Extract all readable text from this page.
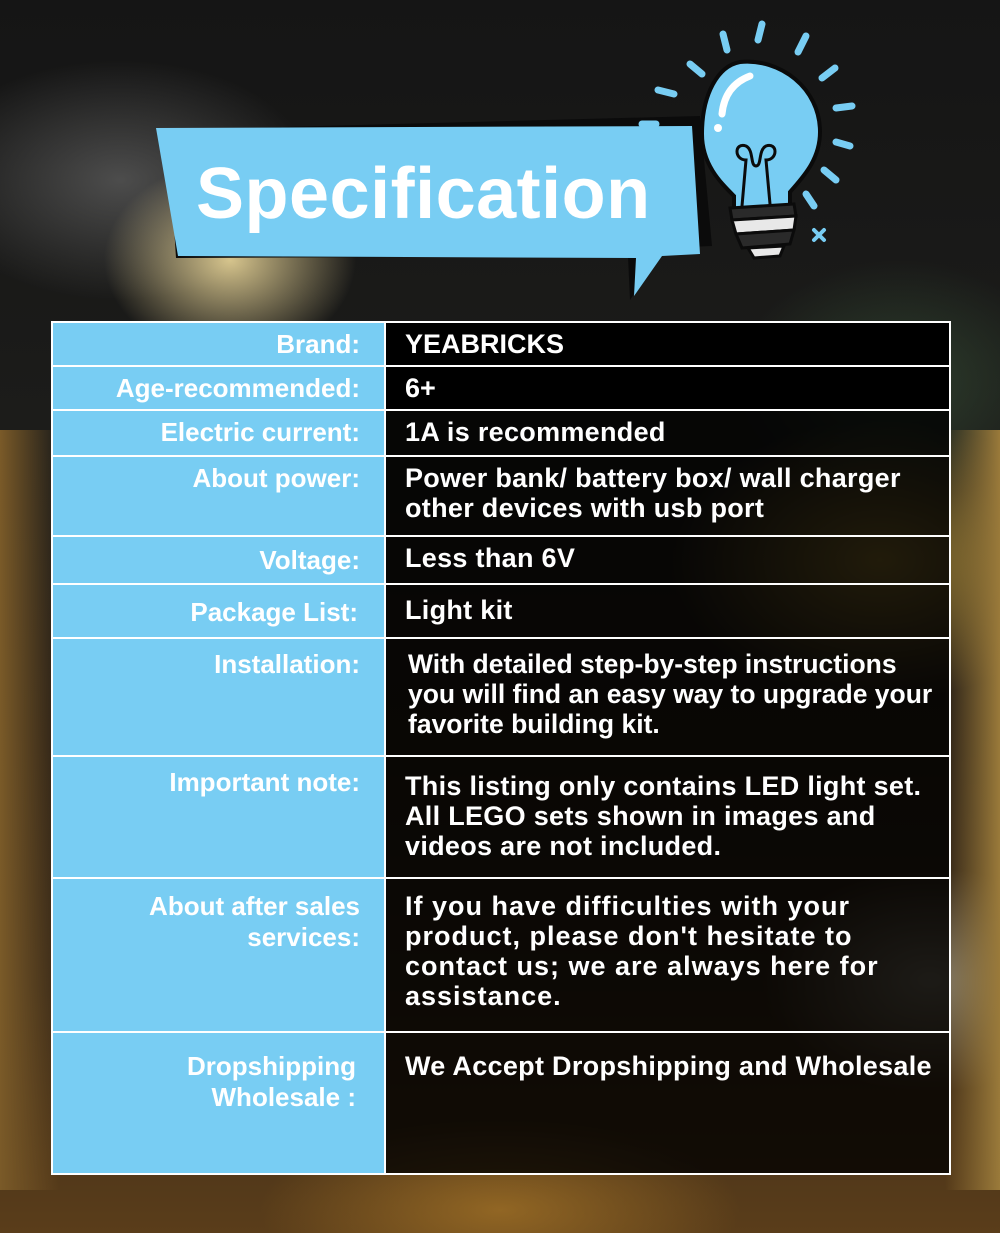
Specification
Brand:	YEABRICKS
Age-recommended:	6+
Electric current:	1A is recommended
About power:	Power bank/ battery box/ wall charger other devices with usb port
Voltage:	Less than 6V
Package List:	Light kit
Installation:	With detailed step-by-step instructions you will find an easy way to upgrade your favorite building kit.
Important note:	This listing only contains LED light set. All LEGO sets shown in images and videos are not included.
About after sales services:	If you have difficulties with your product, please don't hesitate to contact us; we are always here for assistance.
Dropshipping Wholesale :	We Accept Dropshipping and Wholesale
